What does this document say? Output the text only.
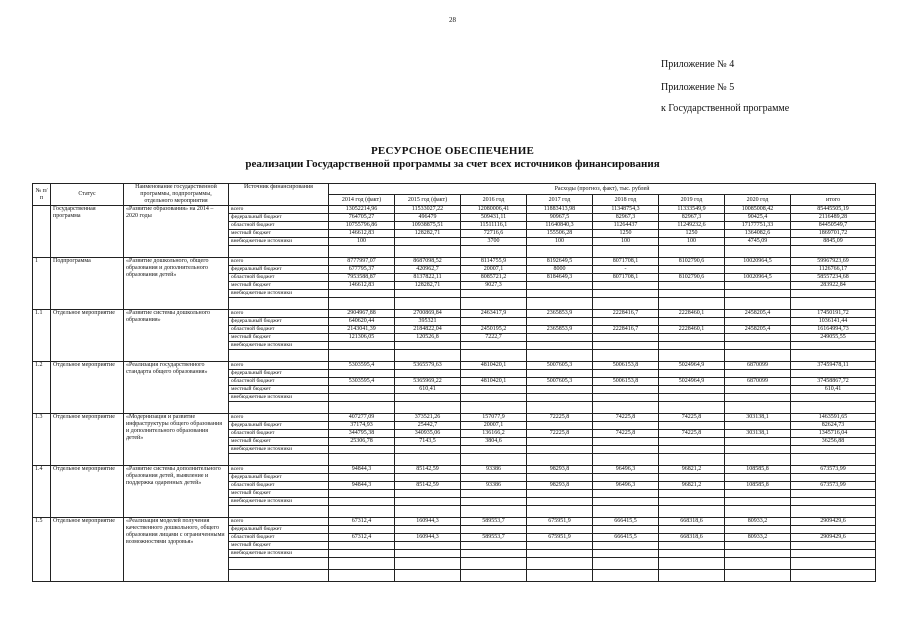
28
Приложение № 4
Приложение № 5
к Государственной программе
РЕСУРСНОЕ ОБЕСПЕЧЕНИЕ
реализации Государственной программы за счет всех источников финансирования
№ п/п	Статус	Наименование государственной программы, подпрограммы, отдельного мероприятия	Источник финансирования	Расходы (прогноз, факт), тыс. рублей							
				2014 год (факт)	2015 год (факт)	2016 год	2017 год	2018 год	2019 год	2020 год	итого
	Государственная программа	«Развитие образования» на 2014 – 2020 годы	всего	13052214,96	11533027,22	12080006,41	11883413,98	11348754,3	11333549,9	10085008,42	85445505,19
			федеральный бюджет	764705,27	496479	509431,11	90967,5	82967,3	82967,3	90425,4	2116489,28
			областной бюджет	10755796,86	10938875,51	11511116,1	11640840,3	11264437	11249232,6	17177751,33	84450549,7
			местный бюджет	146612,83	128282,71	72716,6	155506,28	1250	1250	1364082,6	1869701,72
			внебюджетные источники	100		3700	100	100	100	4745,09	8845,09

1	Подпрограмма	«Развитие дошкольного, общего образования и дополнительного образования детей»	всего	8777997,07	8687098,52	8114755,9	8192649,5	8071708,1	8102790,6	10020964,5	59967923,69
			федеральный бюджет	677795,37	420962,7	20007,1	8000	-			1126766,17
			областной бюджет	7953588,87	8137822,11	8085721,2	8184649,3	8071708,1	8102790,6	10020964,5	58557234,68
			местный бюджет	146612,83	128282,71	9027,3					283922,84
			внебюджетные источники								

1.1	Отдельное мероприятие	«Развитие системы дошкольного образования»	всего	2904967,88	2700869,84	2463417,9	2365853,9	2228416,7	2228460,1	2458205,4	17450191,72
			федеральный бюджет	640620,44	395321						1036141,44
			областной бюджет	2143041,39	2184822,04	2450195,2	2365853,9	2228416,7	2228460,1	2458205,4	16164994,73
			местный бюджет	121306,05	120526,8	7222,7					249055,55
			внебюджетные источники								

1.2	Отдельное мероприятие	«Реализация государственного стандарта общего образования»	всего	5303595,4	5365579,63	4810420,1	5007605,3	5006153,8	5024964,9	6870099	37459478,11
			федеральный бюджет								
			областной бюджет	5303595,4	5365969,22	4810420,1	5007605,3	5006153,8	5024964,9	6870099	37458867,72
			местный бюджет		610,41						610,41
			внебюджетные источники								

1.3	Отдельное мероприятие	«Модернизация и развитие инфраструктуры общего образования и дополнительного образования детей»	всего	407277,09	373521,26	157077,9	72225,8	74225,8	74225,8	303138,1	1463591,65
			федеральный бюджет	37174,93	25442,7	20007,1					82624,73
			областной бюджет	344795,38	340935,06	136166,2	72225,8	74225,8	74225,8	303138,1	1345716,04
			местный бюджет	25306,78	7143,5	3804,6					36256,88
			внебюджетные источники								

1.4	Отдельное мероприятие	«Развитие системы дополнительного образования детей, выявление и поддержка одаренных детей»	всего	94844,3	85142,59	93386	98293,8	96496,3	96821,2	108585,8	673573,99
			федеральный бюджет								
			областной бюджет	94844,3	85142,59	93386	98293,8	96496,3	96821,2	108585,8	673573,99
			местный бюджет								
			внебюджетные источники								

1.5	Отдельное мероприятие	«Реализация моделей получения качественного дошкольного, общего образования лицами с ограниченными возможностями здоровья»	всего	67312,4	160944,3	589553,7	675951,9	666415,5	668318,6	80933,2	2909429,6
			федеральный бюджет								
			областной бюджет	67312,4	160944,3	589553,7	675951,9	666415,5	668318,6	80933,2	2909429,6
			местный бюджет								
			внебюджетные источники								
